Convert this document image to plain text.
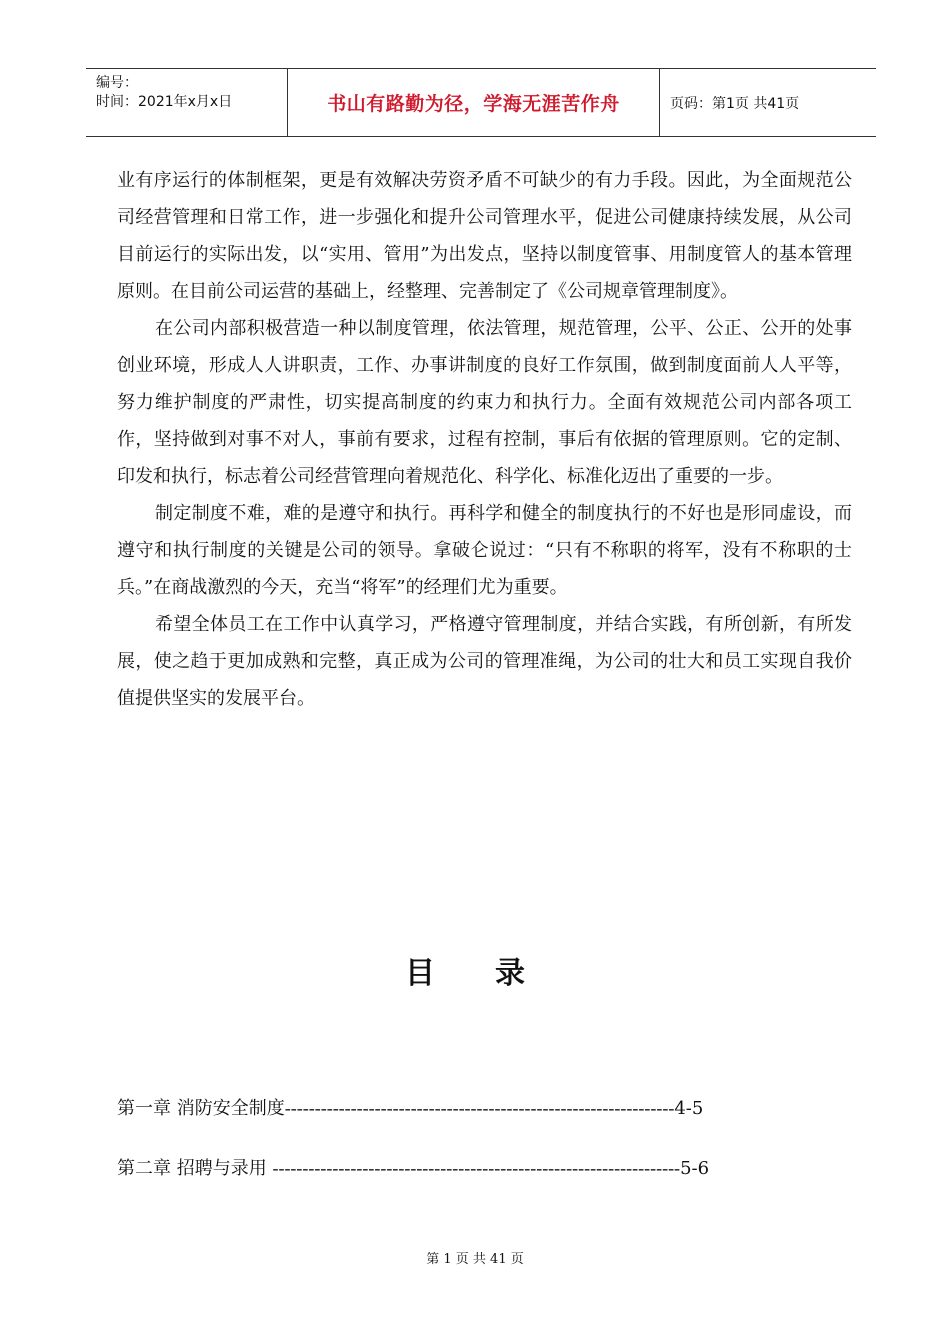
编号：
时间：2021年x月x日	书山有路勤为径，学海无涯苦作舟	页码：第1页 共41页

业有序运行的体制框架，更是有效解决劳资矛盾不可缺少的有力手段。因此，为全面规范公司经营管理和日常工作，进一步强化和提升公司管理水平，促进公司健康持续发展，从公司目前运行的实际出发，以“实用、管用”为出发点，坚持以制度管事、用制度管人的基本管理原则。在目前公司运营的基础上，经整理、完善制定了《公司规章管理制度》。

在公司内部积极营造一种以制度管理，依法管理，规范管理，公平、公正、公开的处事创业环境，形成人人讲职责，工作、办事讲制度的良好工作氛围，做到制度面前人人平等，努力维护制度的严肃性，切实提高制度的约束力和执行力。全面有效规范公司内部各项工作，坚持做到对事不对人，事前有要求，过程有控制，事后有依据的管理原则。它的定制、印发和执行，标志着公司经营管理向着规范化、科学化、标准化迈出了重要的一步。

制定制度不难，难的是遵守和执行。再科学和健全的制度执行的不好也是形同虚设，而遵守和执行制度的关键是公司的领导。拿破仑说过：“只有不称职的将军，没有不称职的士兵。”在商战激烈的今天，充当“将军”的经理们尤为重要。

希望全体员工在工作中认真学习，严格遵守管理制度，并结合实践，有所创新，有所发展，使之趋于更加成熟和完整，真正成为公司的管理准绳，为公司的壮大和员工实现自我价值提供坚实的发展平台。

目录
第一章 消防安全制度-----------------------------------------------------------------4-5
第二章 招聘与录用 --------------------------------------------------------------------5-6
第 1 页 共 41 页
